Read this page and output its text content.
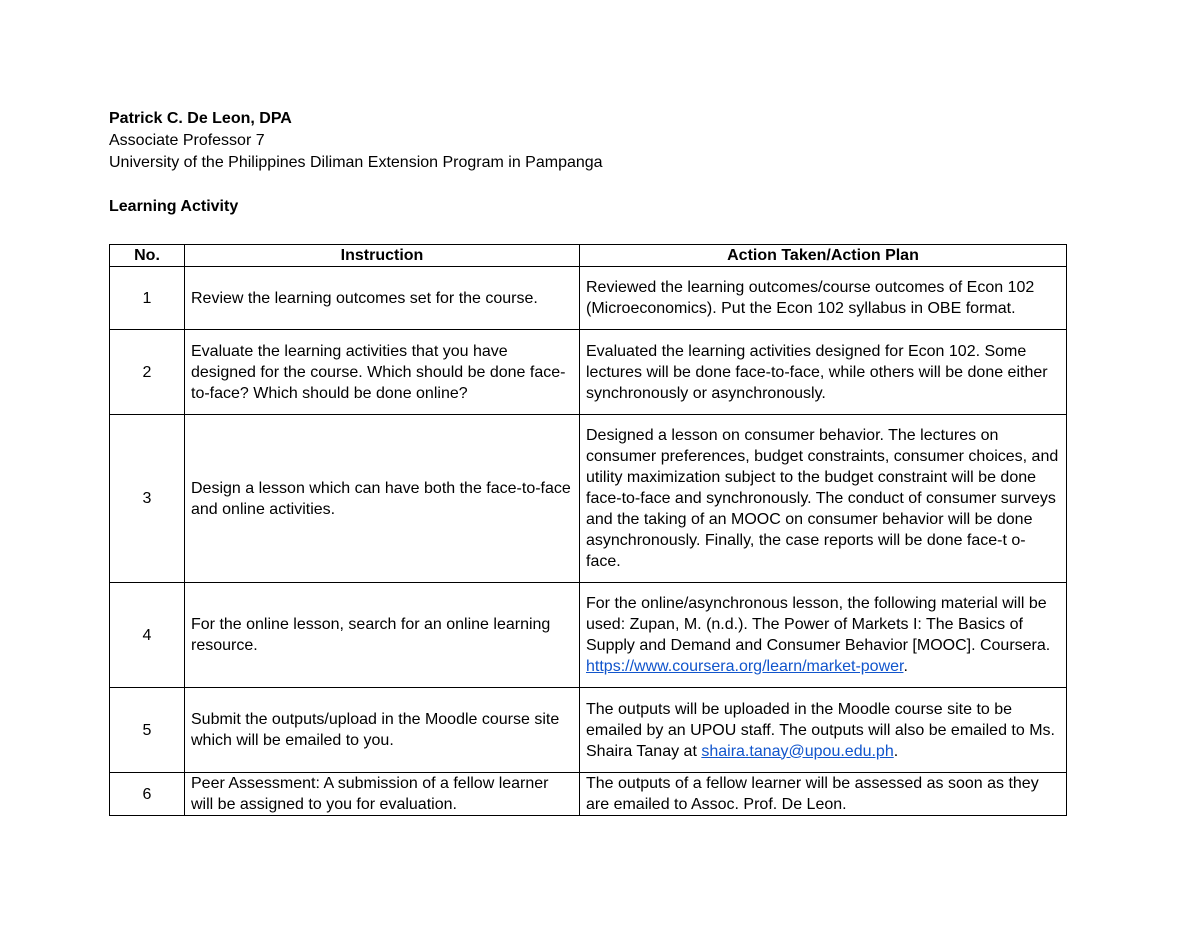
Patrick C. De Leon, DPA
Associate Professor 7
University of the Philippines Diliman Extension Program in Pampanga
Learning Activity
No.	Instruction	Action Taken/Action Plan
1	Review the learning outcomes set for the course.	Reviewed the learning outcomes/course outcomes of Econ 102 (Microeconomics). Put the Econ 102 syllabus in OBE format.
2	Evaluate the learning activities that you have designed for the course. Which should be done face-to-face? Which should be done online?	Evaluated the learning activities designed for Econ 102. Some lectures will be done face-to-face, while others will be done either synchronously or asynchronously.
3	Design a lesson which can have both the face-to-face and online activities.	Designed a lesson on consumer behavior. The lectures on consumer preferences, budget constraints, consumer choices, and utility maximization subject to the budget constraint will be done face-to-face and synchronously. The conduct of consumer surveys and the taking of an MOOC on consumer behavior will be done asynchronously. Finally, the case reports will be done face-t o-face.
4	For the online lesson, search for an online learning resource.	For the online/asynchronous lesson, the following material will be used: Zupan, M. (n.d.). The Power of Markets I: The Basics of Supply and Demand and Consumer Behavior [MOOC]. Coursera. https://www.coursera.org/learn/market-power.
5	Submit the outputs/upload in the Moodle course site which will be emailed to you.	The outputs will be uploaded in the Moodle course site to be emailed by an UPOU staff. The outputs will also be emailed to Ms. Shaira Tanay at shaira.tanay@upou.edu.ph.
6	Peer Assessment: A submission of a fellow learner will be assigned to you for evaluation.	The outputs of a fellow learner will be assessed as soon as they are emailed to Assoc. Prof. De Leon.
